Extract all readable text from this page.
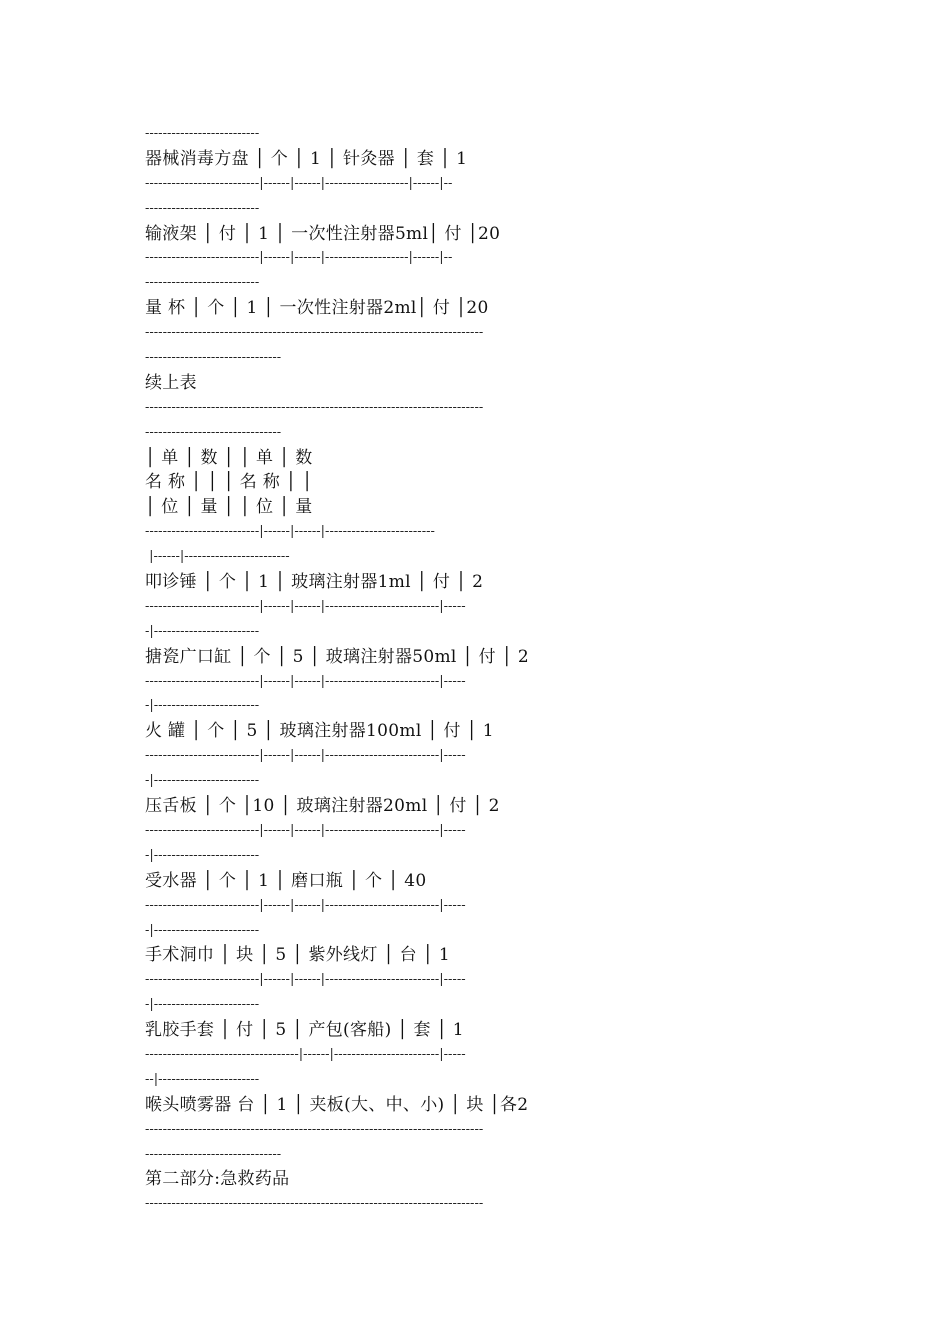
--------------------------
器械消毒方盘 │ 个 │ 1 │ 针灸器 │ 套 │ 1
--------------------------|------|------|-------------------|------|--
--------------------------
输液架 │ 付 │ 1 │ 一次性注射器5ml│ 付 │20
--------------------------|------|------|-------------------|------|--
--------------------------
量 杯 │ 个 │ 1 │ 一次性注射器2ml│ 付 │20
-----------------------------------------------------------------------------
-------------------------------
续上表
-----------------------------------------------------------------------------
-------------------------------
│ 单 │ 数 │ │ 单 │ 数
名 称 │ │ │ 名 称 │ │
│ 位 │ 量 │ │ 位 │ 量
--------------------------|------|------|-------------------------
|------|------------------------
叩诊锤 │ 个 │ 1 │ 玻璃注射器1ml │ 付 │ 2
--------------------------|------|------|--------------------------|-----
-|------------------------
搪瓷广口缸 │ 个 │ 5 │ 玻璃注射器50ml │ 付 │ 2
--------------------------|------|------|--------------------------|-----
-|------------------------
火 罐 │ 个 │ 5 │ 玻璃注射器100ml │ 付 │ 1
--------------------------|------|------|--------------------------|-----
-|------------------------
压舌板 │ 个 │10 │ 玻璃注射器20ml │ 付 │ 2
--------------------------|------|------|--------------------------|-----
-|------------------------
受水器 │ 个 │ 1 │ 磨口瓶 │ 个 │ 40
--------------------------|------|------|--------------------------|-----
-|------------------------
手术洞巾 │ 块 │ 5 │ 紫外线灯 │ 台 │ 1
--------------------------|------|------|--------------------------|-----
-|------------------------
乳胶手套 │ 付 │ 5 │ 产包(客船) │ 套 │ 1
-----------------------------------|------|------------------------|-----
--|-----------------------
喉头喷雾器 台 │ 1 │ 夹板(大、中、小) │ 块 │各2
-----------------------------------------------------------------------------
-------------------------------
第二部分:急救药品
-----------------------------------------------------------------------------
